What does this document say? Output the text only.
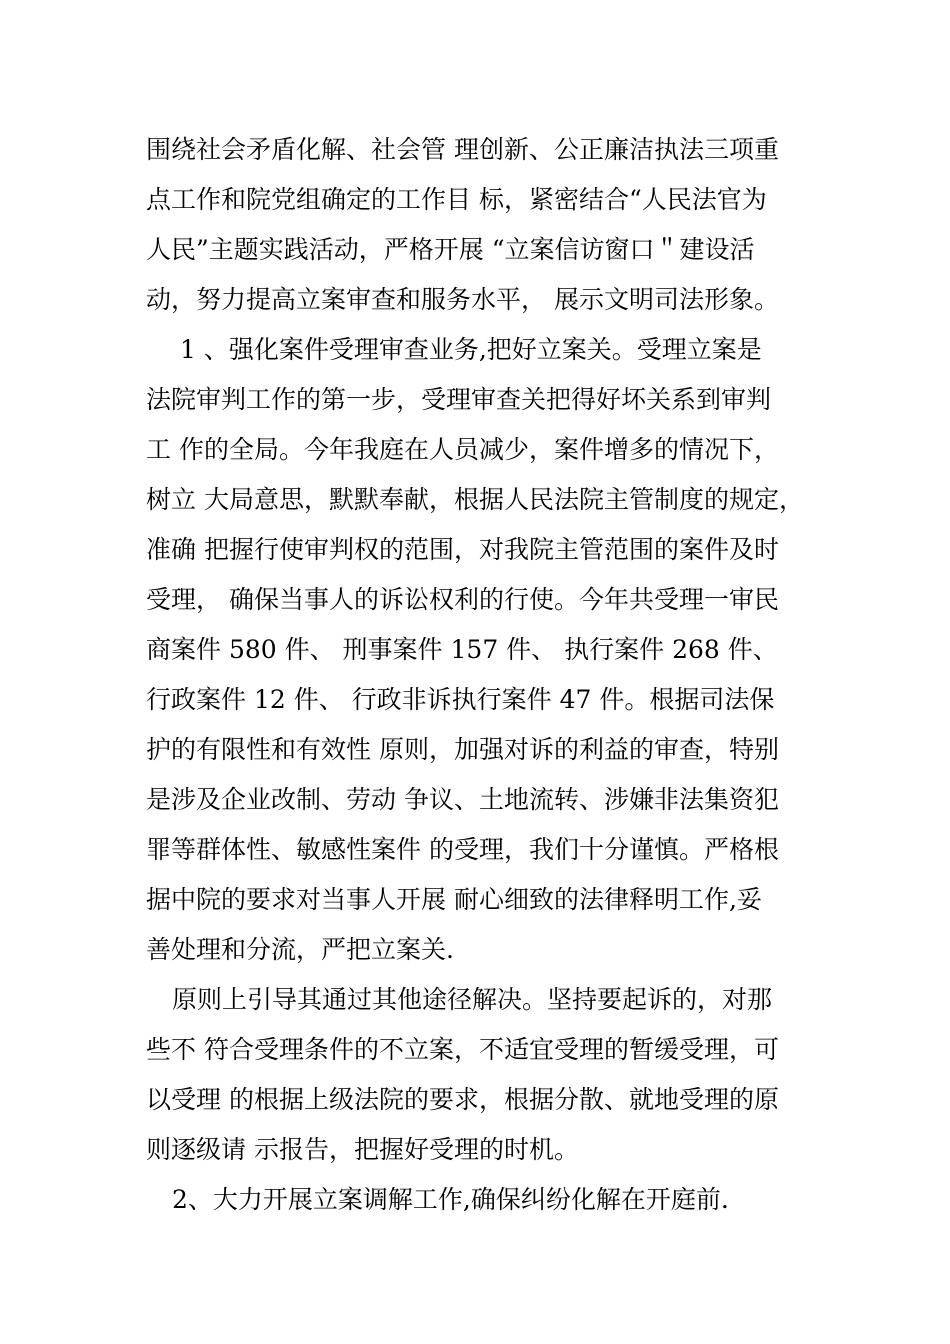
围绕社会矛盾化解、社会管 理创新、公正廉洁执法三项重
点工作和院党组确定的工作目 标，紧密结合“人民法官为
人民”主题实践活动，严格开展 “立案信访窗口＂建设活
动，努力提高立案审查和服务水平， 展示文明司法形象。
1 、强化案件受理审查业务,把好立案关。受理立案是
法院审判工作的第一步，受理审查关把得好坏关系到审判
工 作的全局。今年我庭在人员减少，案件增多的情况下，
树立 大局意思，默默奉献，根据人民法院主管制度的规定，
准确 把握行使审判权的范围，对我院主管范围的案件及时
受理， 确保当事人的诉讼权利的行使。今年共受理一审民
商案件 580 件、 刑事案件 157 件、 执行案件 268 件、
行政案件 12 件、 行政非诉执行案件 47 件。根据司法保
护的有限性和有效性 原则，加强对诉的利益的审查，特别
是涉及企业改制、劳动 争议、土地流转、涉嫌非法集资犯
罪等群体性、敏感性案件 的受理，我们十分谨慎。严格根
据中院的要求对当事人开展 耐心细致的法律释明工作,妥
善处理和分流，严把立案关.
原则上引导其通过其他途径解决。坚持要起诉的，对那
些不 符合受理条件的不立案，不适宜受理的暂缓受理，可
以受理 的根据上级法院的要求，根据分散、就地受理的原
则逐级请 示报告，把握好受理的时机。
2、大力开展立案调解工作,确保纠纷化解在开庭前.
